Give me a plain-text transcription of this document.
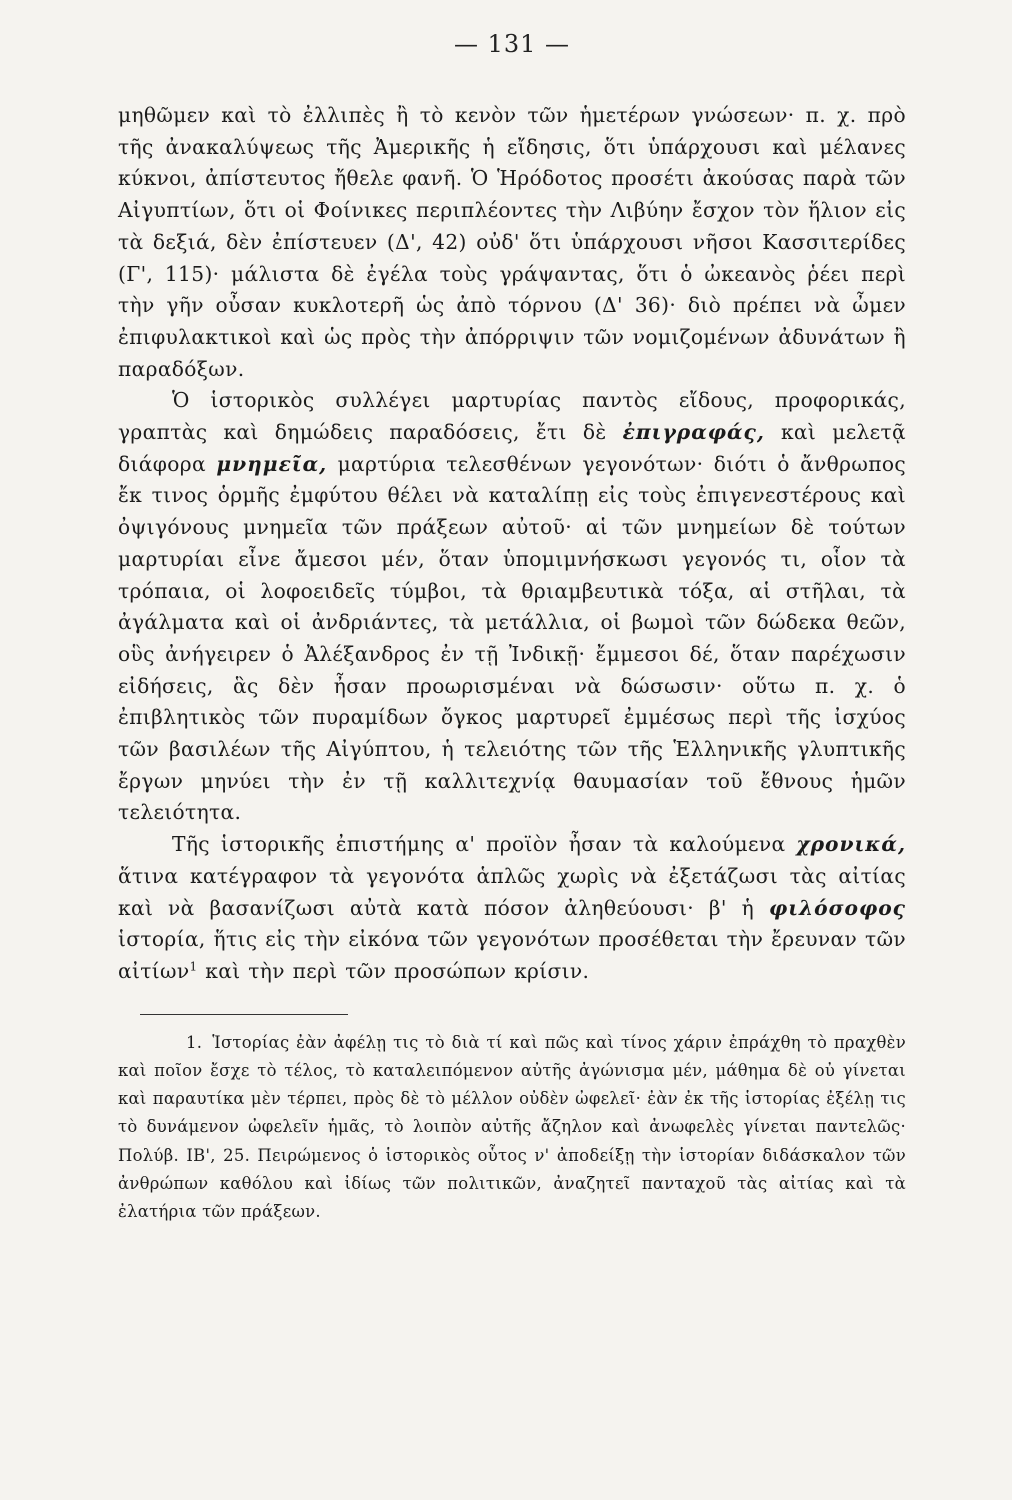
— 131 —

μηθῶμεν καὶ τὸ ἐλλιπὲς ἢ τὸ κενὸν τῶν ἡμετέρων γνώσεων· π. χ. πρὸ τῆς ἀνακαλύψεως τῆς Ἀμερικῆς ἡ εἴδησις, ὅτι ὑπάρχουσι καὶ μέλανες κύκνοι, ἀπίστευτος ἤθελε φανῆ. Ὁ Ἡρόδοτος προσέτι ἀκούσας παρὰ τῶν Αἰγυπτίων, ὅτι οἱ Φοίνικες περιπλέοντες τὴν Λιβύην ἔσχον τὸν ἥλιον εἰς τὰ δεξιά, δὲν ἐπίστευεν (Δ', 42) οὐδ' ὅτι ὑπάρχουσι νῆσοι Κασσιτερίδες (Γ', 115)· μάλιστα δὲ ἐγέλα τοὺς γράψαντας, ὅτι ὁ ὠκεανὸς ῥέει περὶ τὴν γῆν οὖσαν κυκλοτερῆ ὡς ἀπὸ τόρνου (Δ' 36)· διὸ πρέπει νὰ ὦμεν ἐπιφυλακτικοὶ καὶ ὡς πρὸς τὴν ἀπόρριψιν τῶν νομιζομένων ἀδυνάτων ἢ παραδόξων.

Ὁ ἱστορικὸς συλλέγει μαρτυρίας παντὸς εἴδους, προφορικάς, γραπτὰς καὶ δημώδεις παραδόσεις, ἔτι δὲ ἐπιγραφάς, καὶ μελετᾷ διάφορα μνημεῖα, μαρτύρια τελεσθένων γεγονότων· διότι ὁ ἄνθρωπος ἔκ τινος ὁρμῆς ἐμφύτου θέλει νὰ καταλίπῃ εἰς τοὺς ἐπιγενεστέρους καὶ ὀψιγόνους μνημεῖα τῶν πράξεων αὐτοῦ· αἱ τῶν μνημείων δὲ τούτων μαρτυρίαι εἶνε ἄμεσοι μέν, ὅταν ὑπομιμνήσκωσι γεγονός τι, οἷον τὰ τρόπαια, οἱ λοφοειδεῖς τύμβοι, τὰ θριαμβευτικὰ τόξα, αἱ στῆλαι, τὰ ἀγάλματα καὶ οἱ ἀνδριάντες, τὰ μετάλλια, οἱ βωμοὶ τῶν δώδεκα θεῶν, οὓς ἀνήγειρεν ὁ Ἀλέξανδρος ἐν τῇ Ἰνδικῇ· ἔμμεσοι δέ, ὅταν παρέχωσιν εἰδήσεις, ἃς δὲν ἦσαν προωρισμέναι νὰ δώσωσιν· οὕτω π. χ. ὁ ἐπιβλητικὸς τῶν πυραμίδων ὄγκος μαρτυρεῖ ἐμμέσως περὶ τῆς ἰσχύος τῶν βασιλέων τῆς Αἰγύπτου, ἡ τελειότης τῶν τῆς Ἑλληνικῆς γλυπτικῆς ἔργων μηνύει τὴν ἐν τῇ καλλιτεχνίᾳ θαυμασίαν τοῦ ἔθνους ἡμῶν τελειότητα.

Τῆς ἱστορικῆς ἐπιστήμης α' προϊὸν ἦσαν τὰ καλούμενα χρονικά, ἅτινα κατέγραφον τὰ γεγονότα ἁπλῶς χωρὶς νὰ ἐξετάζωσι τὰς αἰτίας καὶ νὰ βασανίζωσι αὐτὰ κατὰ πόσον ἀληθεύουσι· β' ἡ φιλόσοφος ἱστορία, ἥτις εἰς τὴν εἰκόνα τῶν γεγονότων προσέθεται τὴν ἔρευναν τῶν αἰτίων$^1$ καὶ τὴν περὶ τῶν προσώπων κρίσιν.

1. Ἱστορίας ἐὰν ἀφέλῃ τις τὸ διὰ τί καὶ πῶς καὶ τίνος χάριν ἐπράχθη τὸ πραχθὲν καὶ ποῖον ἔσχε τὸ τέλος, τὸ καταλειπόμενον αὐτῆς ἀγώνισμα μέν, μάθημα δὲ οὐ γίνεται καὶ παραυτίκα μὲν τέρπει, πρὸς δὲ τὸ μέλλον οὐδὲν ὠφελεῖ· ἐὰν ἐκ τῆς ἱστορίας ἐξέλῃ τις τὸ δυνάμενον ὠφελεῖν ἡμᾶς, τὸ λοιπὸν αὐτῆς ἄζηλον καὶ ἀνωφελὲς γίνεται παντελῶς· Πολύβ. ΙΒ', 25. Πειρώμενος ὁ ἱστορικὸς οὗτος ν' ἀποδείξῃ τὴν ἱστορίαν διδάσκαλον τῶν ἀνθρώπων καθόλου καὶ ἰδίως τῶν πολιτικῶν, ἀναζητεῖ πανταχοῦ τὰς αἰτίας καὶ τὰ ἐλατήρια τῶν πράξεων.
